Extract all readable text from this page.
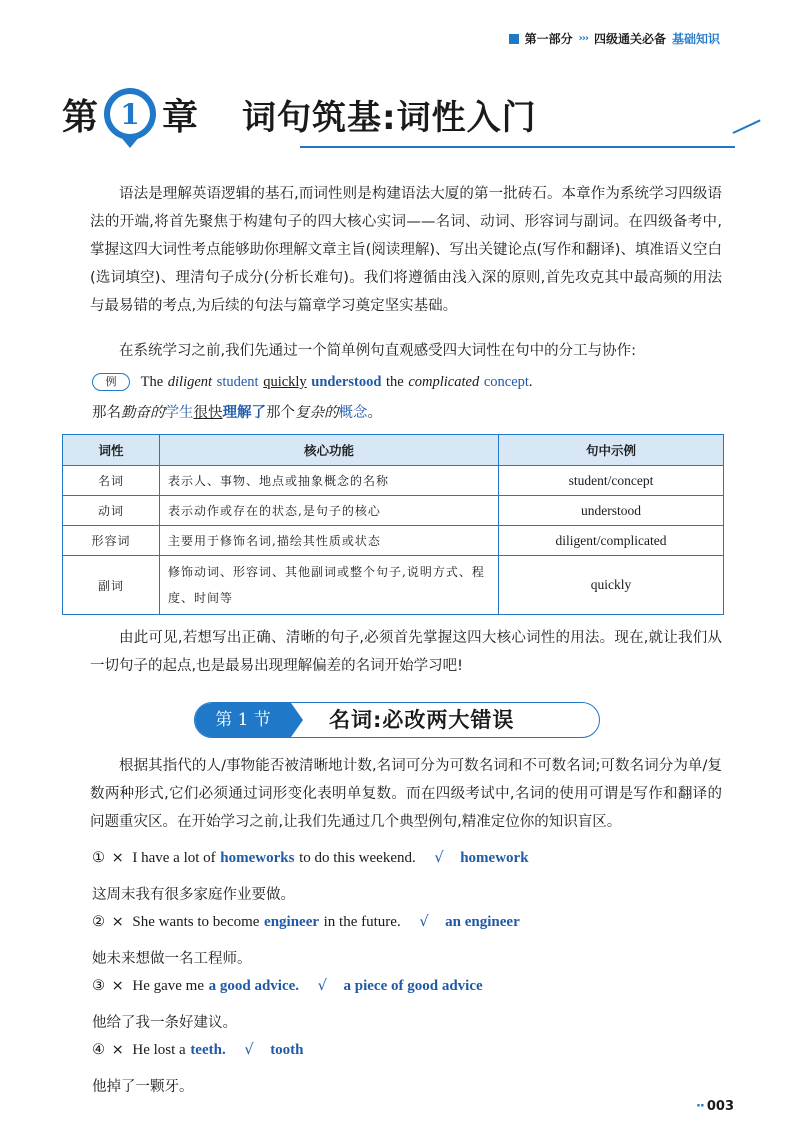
第一部分 ››› 四级通关必备 基础知识
第 1 章 词句筑基:词性入门
语法是理解英语逻辑的基石,而词性则是构建语法大厦的第一批砖石。本章作为系统学习四级语法的开端,将首先聚焦于构建句子的四大核心实词——名词、动词、形容词与副词。在四级备考中,掌握这四大词性考点能够助你理解文章主旨(阅读理解)、写出关键论点(写作和翻译)、填准语义空白(选词填空)、理清句子成分(分析长难句)。我们将遵循由浅入深的原则,首先攻克其中最高频的用法与最易错的考点,为后续的句法与篇章学习奠定坚实基础。
在系统学习之前,我们先通过一个简单例句直观感受四大词性在句中的分工与协作:
例 The diligent student quickly understood the complicated concept.
那名勤奋的学生很快理解了那个复杂的概念。
词性	核心功能	句中示例
名词	表示人、事物、地点或抽象概念的名称	student/concept
动词	表示动作或存在的状态,是句子的核心	understood
形容词	主要用于修饰名词,描绘其性质或状态	diligent/complicated
副词	修饰动词、形容词、其他副词或整个句子,说明方式、程度、时间等	quickly
由此可见,若想写出正确、清晰的句子,必须首先掌握这四大核心词性的用法。现在,就让我们从一切句子的起点,也是最易出现理解偏差的名词开始学习吧!
第 1 节	名词:必改两大错误
根据其指代的人/事物能否被清晰地计数,名词可分为可数名词和不可数名词;可数名词分为单/复数两种形式,它们必须通过词形变化表明单复数。而在四级考试中,名词的使用可谓是写作和翻译的问题重灾区。在开始学习之前,让我们先通过几个典型例句,精准定位你的知识盲区。
① × I have a lot of homeworks to do this weekend. √ homework
这周末我有很多家庭作业要做。
② × She wants to become engineer in the future. √ an engineer
她未来想做一名工程师。
③ × He gave me a good advice. √ a piece of good advice
他给了我一条好建议。
④ × He lost a teeth. √ tooth
他掉了一颗牙。
·· 003
